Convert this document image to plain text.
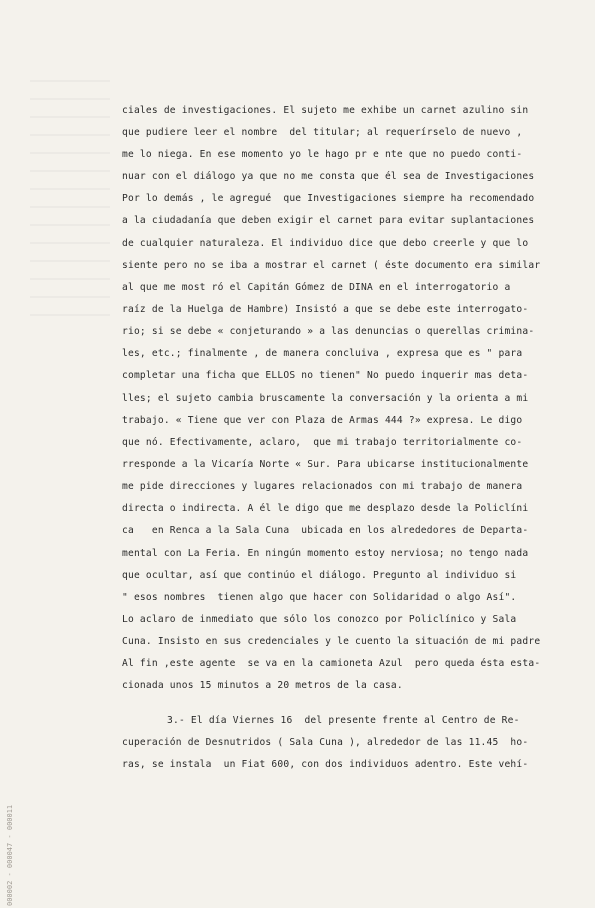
ciales de investigaciones. El sujeto me exhibe un carnet azulino sin
que pudiere leer el nombre  del titular; al requerírselo de nuevo ,
me lo niega. En ese momento yo le hago pr e nte que no puedo conti-
nuar con el diálogo ya que no me consta que él sea de Investigaciones
Por lo demás , le agregué  que Investigaciones siempre ha recomendado
a la ciudadanía que deben exigir el carnet para evitar suplantaciones
de cualquier naturaleza. El individuo dice que debo creerle y que lo
siente pero no se iba a mostrar el carnet ( éste documento era similar
al que me most ró el Capitán Gómez de DINA en el interrogatorio a
raíz de la Huelga de Hambre) Insistó a que se debe este interrogato-
rio; si se debe « conjeturando » a las denuncias o querellas crimina-
les, etc.; finalmente , de manera concluiva , expresa que es " para
completar una ficha que ELLOS no tienen" No puedo inquerir mas deta-
lles; el sujeto cambia bruscamente la conversación y la orienta a mi
trabajo. « Tiene que ver con Plaza de Armas 444 ?» expresa. Le digo
que nó. Efectivamente, aclaro,  que mi trabajo territorialmente co-
rresponde a la Vicaría Norte « Sur. Para ubicarse institucionalmente
me pide direcciones y lugares relacionados con mi trabajo de manera
directa o indirecta. A él le digo que me desplazo desde la Policlíni
ca   en Renca a la Sala Cuna  ubicada en los alrededores de Departa-
mental con La Feria. En ningún momento estoy nerviosa; no tengo nada
que ocultar, así que continúo el diálogo. Pregunto al individuo si
" esos nombres  tienen algo que hacer con Solidaridad o algo Así".
Lo aclaro de inmediato que sólo los conozco por Policlínico y Sala
Cuna. Insisto en sus credenciales y le cuento la situación de mi padre
Al fin ,este agente  se va en la camioneta Azul  pero queda ésta esta-
cionada unos 15 minutos a 20 metros de la casa.
3.- El día Viernes 16  del presente frente al Centro de Re-
cuperación de Desnutridos ( Sala Cuna ), alrededor de las 11.45  ho-
ras, se instala  un Fiat 600, con dos individuos adentro. Este vehí-
000002 - 000047 - 000011
